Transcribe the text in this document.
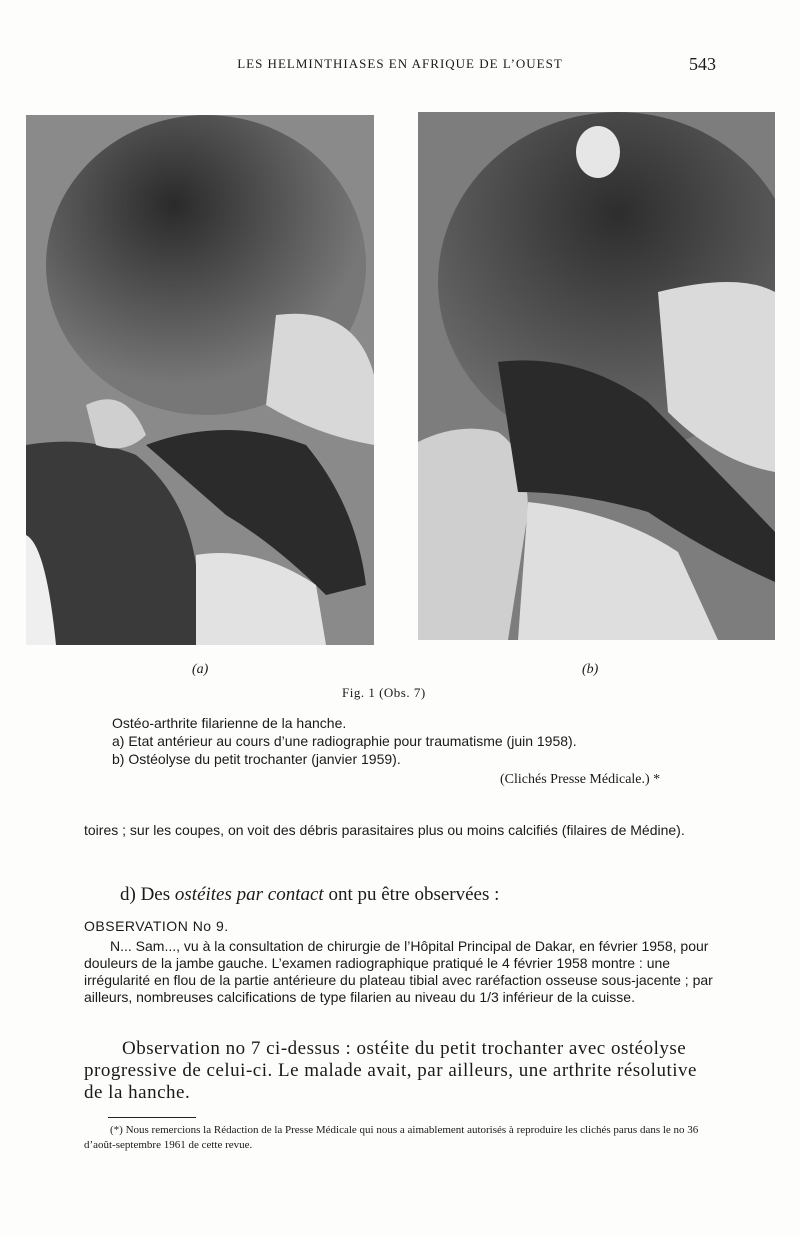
LES HELMINTHIASES EN AFRIQUE DE L’OUEST	543
(a)	(b)
Fig. 1 (Obs. 7)

Ostéo-arthrite filarienne de la hanche.

a) Etat antérieur au cours d’une radiographie pour traumatisme (juin 1958).

b) Ostéolyse du petit trochanter (janvier 1959).

(Clichés Presse Médicale.) *
toires ; sur les coupes, on voit des débris parasitaires plus ou moins calcifiés (filaires de Médine).
d) Des ostéites par contact ont pu être observées :
OBSERVATION No 9.
N... Sam..., vu à la consultation de chirurgie de l’Hôpital Principal de Dakar, en février 1958, pour douleurs de la jambe gauche. L’examen radiographique pratiqué le 4 février 1958 montre : une irrégularité en flou de la partie antérieure du plateau tibial avec raréfaction osseuse sous-jacente ; par ailleurs, nombreuses calcifications de type filarien au niveau du 1/3 inférieur de la cuisse.
Observation no 7 ci-dessus : ostéite du petit trochanter avec ostéolyse progressive de celui-ci. Le malade avait, par ailleurs, une arthrite résolutive de la hanche.
(*) Nous remercions la Rédaction de la Presse Médicale qui nous a aimablement autorisés à reproduire les clichés parus dans le no 36 d’août-septembre 1961 de cette revue.
